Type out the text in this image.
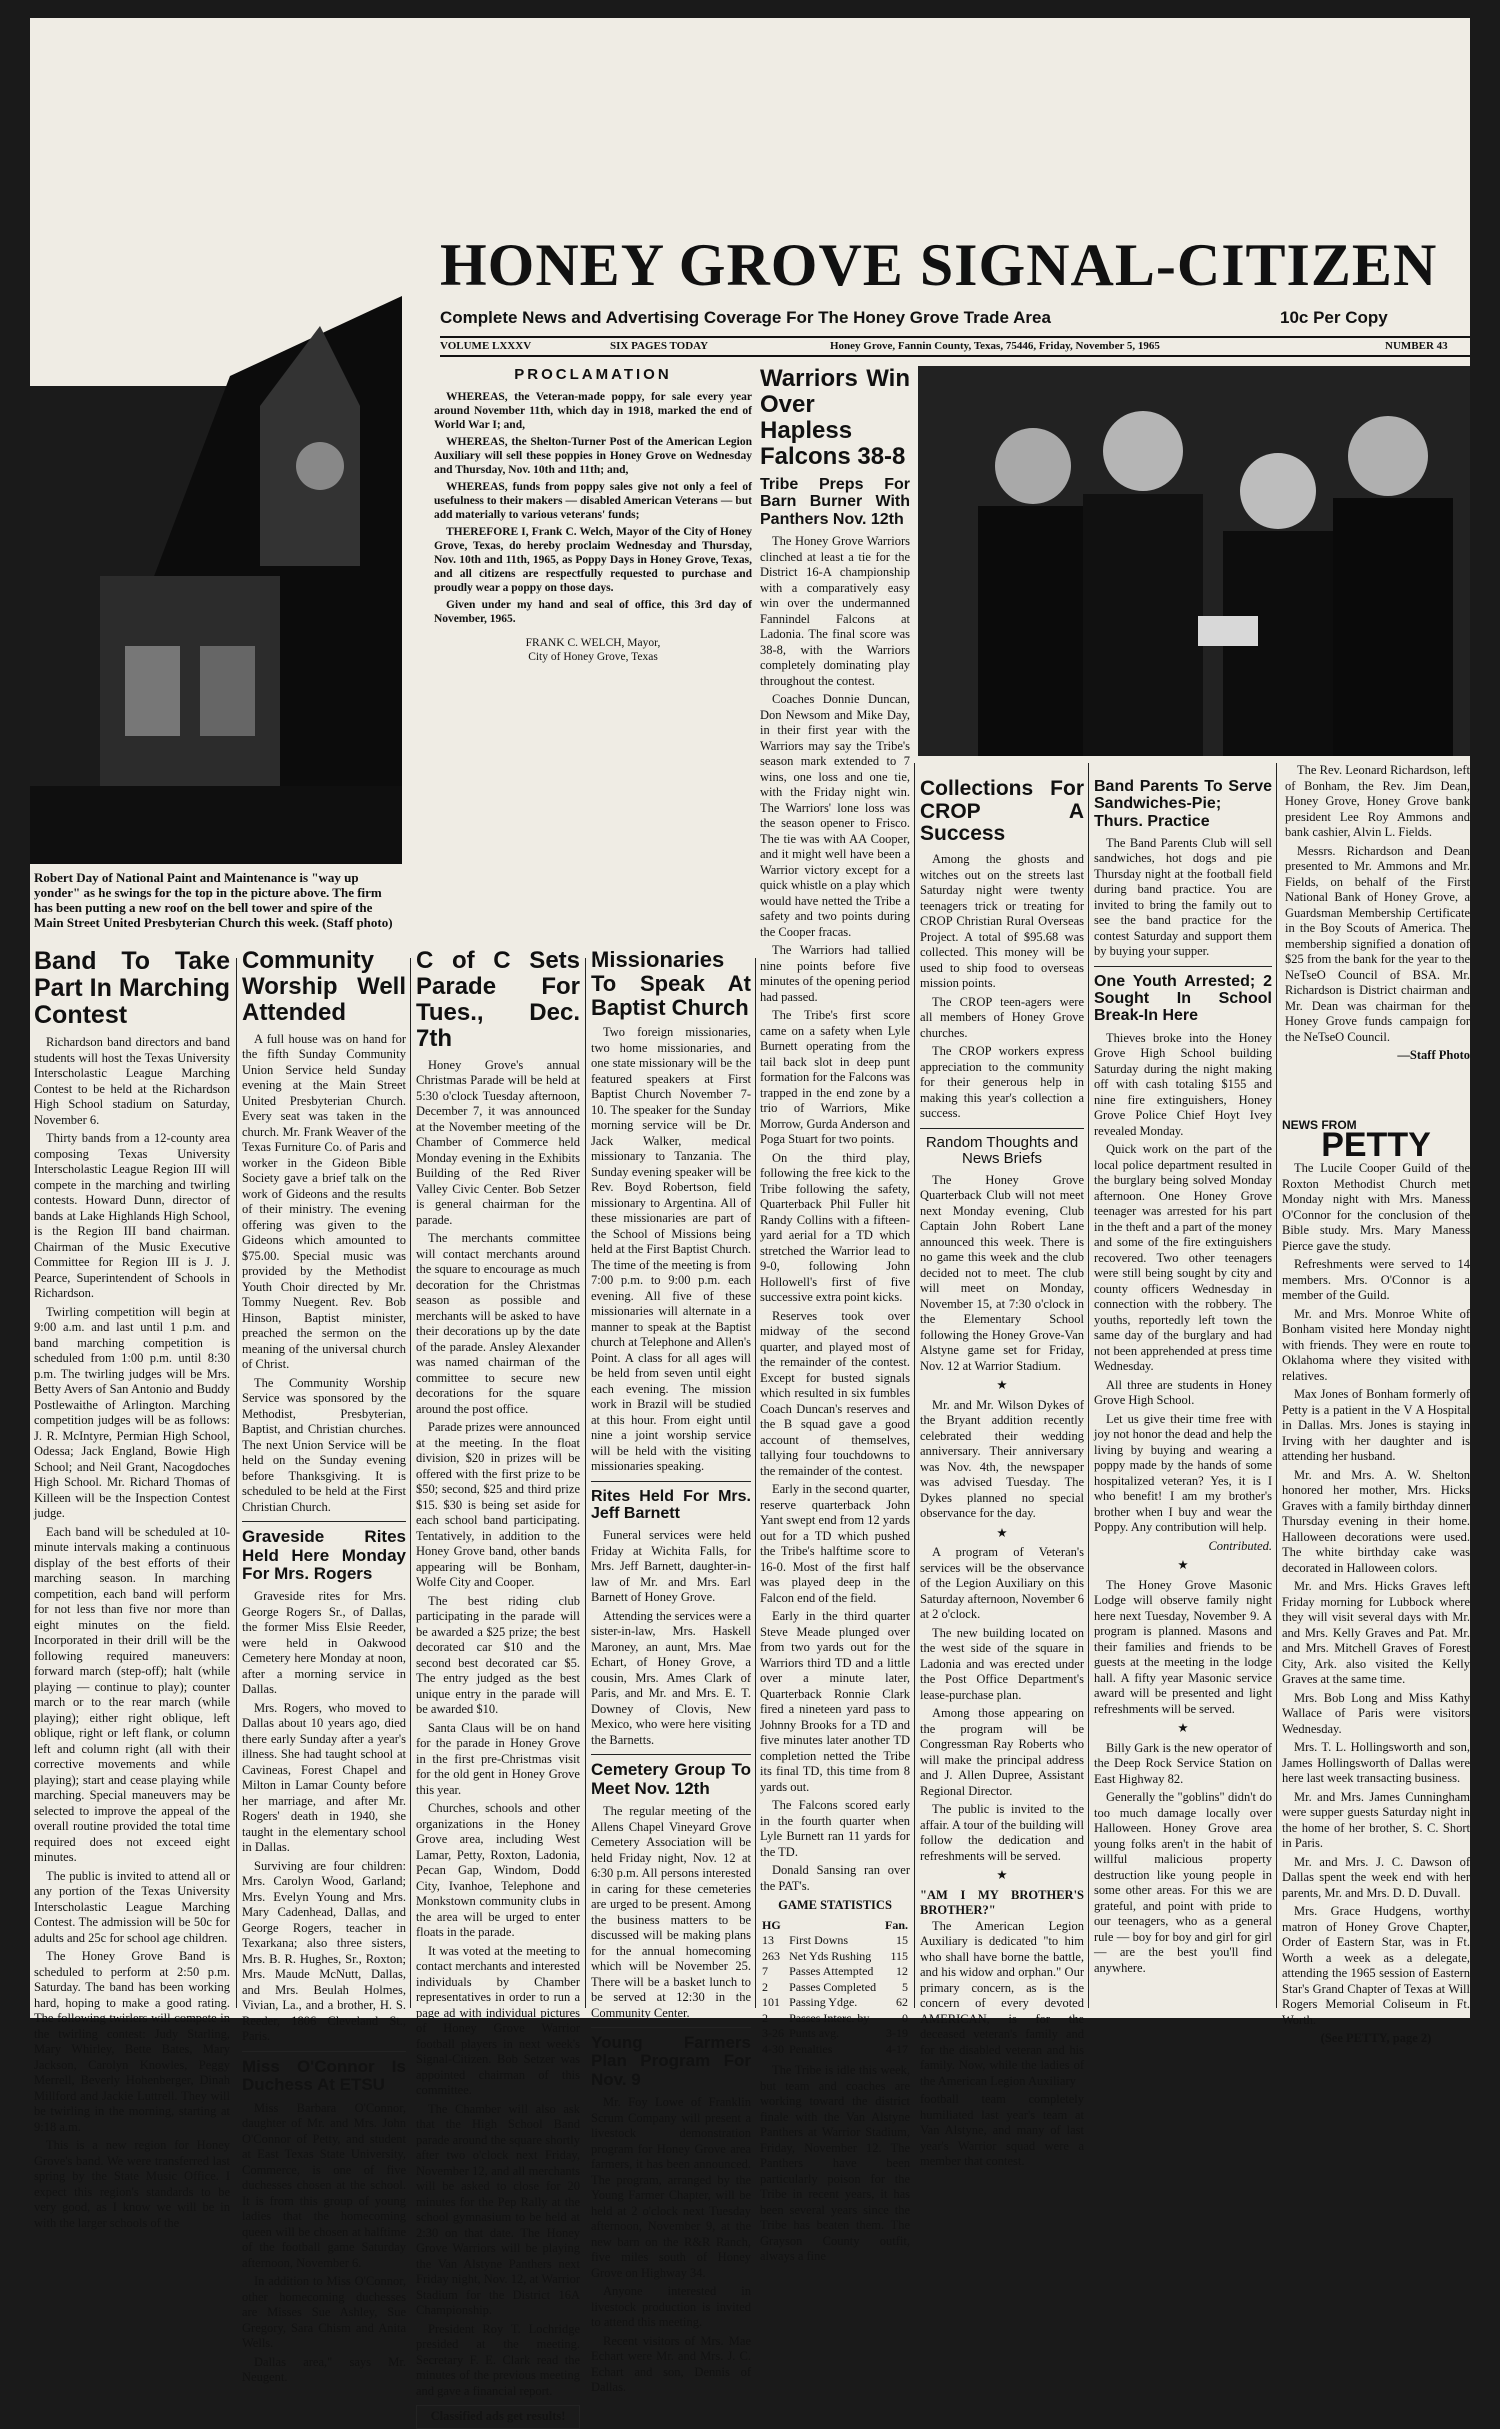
Robert Day of National Paint and Maintenance is "way up yonder" as he swings for the top in the picture above. The firm has been putting a new roof on the bell tower and spire of the Main Street United Presbyterian Church this week. (Staff photo)
HONEY GROVE SIGNAL-CITIZEN
Complete News and Advertising Coverage For The Honey Grove Trade Area	10c Per Copy
VOLUME LXXXV	SIX PAGES TODAY	Honey Grove, Fannin County, Texas, 75446, Friday, November 5, 1965	NUMBER 43
PROCLAMATION

WHEREAS, the Veteran-made poppy, for sale every year around November 11th, which day in 1918, marked the end of World War I; and,

WHEREAS, the Shelton-Turner Post of the American Legion Auxiliary will sell these poppies in Honey Grove on Wednesday and Thursday, Nov. 10th and 11th; and,

WHEREAS, funds from poppy sales give not only a feel of usefulness to their makers — disabled American Veterans — but add materially to various veterans' funds;

THEREFORE I, Frank C. Welch, Mayor of the City of Honey Grove, Texas, do hereby proclaim Wednesday and Thursday, Nov. 10th and 11th, 1965, as Poppy Days in Honey Grove, Texas, and all citizens are respectfully requested to purchase and proudly wear a poppy on those days.

Given under my hand and seal of office, this 3rd day of November, 1965.

FRANK C. WELCH, Mayor,
City of Honey Grove, Texas
Warriors Win Over Hapless Falcons 38-8
Tribe Preps For Barn Burner With Panthers Nov. 12th

The Honey Grove Warriors clinched at least a tie for the District 16-A championship with a comparatively easy win over the undermanned Fannindel Falcons at Ladonia. The final score was 38-8, with the Warriors completely dominating play throughout the contest.

Coaches Donnie Duncan, Don Newsom and Mike Day, in their first year with the Warriors may say the Tribe's season mark extended to 7 wins, one loss and one tie, with the Friday night win. The Warriors' lone loss was the season opener to Frisco. The tie was with AA Cooper, and it might well have been a Warrior victory except for a quick whistle on a play which would have netted the Tribe a safety and two points during the Cooper fracas.

The Warriors had tallied nine points before five minutes of the opening period had passed.

The Tribe's first score came on a safety when Lyle Burnett operating from the tail back slot in deep punt formation for the Falcons was trapped in the end zone by a trio of Warriors, Mike Morrow, Gurda Anderson and Poga Stuart for two points.

On the third play, following the free kick to the Tribe following the safety, Quarterback Phil Fuller hit Randy Collins with a fifteen-yard aerial for a TD which stretched the Warrior lead to 9-0, following John Hollowell's first of five successive extra point kicks.

Reserves took over midway of the second quarter, and played most of the remainder of the contest. Except for busted signals which resulted in six fumbles Coach Duncan's reserves and the B squad gave a good account of themselves, tallying four touchdowns to the remainder of the contest.

Early in the second quarter, reserve quarterback John Yant swept end from 12 yards out for a TD which pushed the Tribe's halftime score to 16-0. Most of the first half was played deep in the Falcon end of the field.

Early in the third quarter Steve Meade plunged over from two yards out for the Warriors third TD and a little over a minute later, Quarterback Ronnie Clark fired a nineteen yard pass to Johnny Brooks for a TD and five minutes later another TD completion netted the Tribe its final TD, this time from 8 yards out.

The Falcons scored early in the fourth quarter when Lyle Burnett ran 11 yards for the TD.

Donald Sansing ran over the PAT's.

GAME STATISTICS
HG		Fan.
13	First Downs	15
263	Net Yds Rushing	115
7	Passes Attempted	12
2	Passes Completed	5
101	Passing Ydge.	62
2	Passes Interc. by	0
3-26	Punts avg.	3-19
4-30	Penalties	4-17

The Tribe is idle this week, but team and coaches are working toward the district finale with the Van Alstyne Panthers at Warrior Stadium, Friday, November 12. The Panthers have been particularly poison for the Tribe in recent years, it has been several years since the Tribe has beaten them. The Grayson County outfit, always a fine

The Rev. Leonard Richardson, left of Bonham, the Rev. Jim Dean, Honey Grove, Honey Grove bank president Lee Roy Ammons and bank cashier, Alvin L. Fields.

Messrs. Richardson and Dean presented to Mr. Ammons and Mr. Fields, on behalf of the First National Bank of Honey Grove, a Guardsman Membership Certificate in the Boy Scouts of America. The membership signified a donation of $25 from the bank for the year to the NeTseO Council of BSA. Mr. Richardson is District chairman and Mr. Dean was chairman for the Honey Grove funds campaign for the NeTseO Council.

—Staff Photo
Band To Take Part In Marching Contest

Richardson band directors and band students will host the Texas University Interscholastic League Marching Contest to be held at the Richardson High School stadium on Saturday, November 6.

Thirty bands from a 12-county area composing Texas University Interscholastic League Region III will compete in the marching and twirling contests. Howard Dunn, director of bands at Lake Highlands High School, is the Region III band chairman. Chairman of the Music Executive Committee for Region III is J. J. Pearce, Superintendent of Schools in Richardson.

Twirling competition will begin at 9:00 a.m. and last until 1 p.m. and band marching competition is scheduled from 1:00 p.m. until 8:30 p.m. The twirling judges will be Mrs. Betty Avers of San Antonio and Buddy Postlewaithe of Arlington. Marching competition judges will be as follows: J. R. McIntyre, Permian High School, Odessa; Jack England, Bowie High School; and Neil Grant, Nacogdoches High School. Mr. Richard Thomas of Killeen will be the Inspection Contest judge.

Each band will be scheduled at 10-minute intervals making a continuous display of the best efforts of their marching season. In marching competition, each band will perform for not less than five nor more than eight minutes on the field. Incorporated in their drill will be the following required maneuvers: forward march (step-off); halt (while playing — continue to play); counter march or to the rear march (while playing); either right oblique, left oblique, right or left flank, or column left and column right (all with their corrective movements and while playing); start and cease playing while marching. Special maneuvers may be selected to improve the appeal of the overall routine provided the total time required does not exceed eight minutes.

The public is invited to attend all or any portion of the Texas University Interscholastic League Marching Contest. The admission will be 50c for adults and 25c for school age children.

The Honey Grove Band is scheduled to perform at 2:50 p.m. Saturday. The band has been working hard, hoping to make a good rating. The following twirlers will compete in the twirling contest: Judy Starling, Mary Whirley, Bette Bates, Mary Jackson, Carolyn Knowles, Peggy Merrell, Beverly Hohenberger, Dinah Millford and Jackie Luttrell. They will be twirling in the morning, starting at 9:18 a.m.

This is a new region for Honey Grove's band. We were transferred last spring by the State Music Office. I expect this region's standards to be very good, as I know we will be in with the larger schools of the

Community Worship Well Attended

A full house was on hand for the fifth Sunday Community Union Service held Sunday evening at the Main Street United Presbyterian Church. Every seat was taken in the church. Mr. Frank Weaver of the Texas Furniture Co. of Paris and worker in the Gideon Bible Society gave a brief talk on the work of Gideons and the results of their ministry. The evening offering was given to the Gideons which amounted to $75.00. Special music was provided by the Methodist Youth Choir directed by Mr. Tommy Nuegent. Rev. Bob Hinson, Baptist minister, preached the sermon on the meaning of the universal church of Christ.

The Community Worship Service was sponsored by the Methodist, Presbyterian, Baptist, and Christian churches. The next Union Service will be held on the Sunday evening before Thanksgiving. It is scheduled to be held at the First Christian Church.

Graveside Rites Held Here Monday For Mrs. Rogers

Graveside rites for Mrs. George Rogers Sr., of Dallas, the former Miss Elsie Reeder, were held in Oakwood Cemetery here Monday at noon, after a morning service in Dallas.

Mrs. Rogers, who moved to Dallas about 10 years ago, died there early Sunday after a year's illness. She had taught school at Cavineas, Forest Chapel and Milton in Lamar County before her marriage, and after Mr. Rogers' death in 1940, she taught in the elementary school in Dallas.

Surviving are four children: Mrs. Carolyn Wood, Garland; Mrs. Evelyn Young and Mrs. Mary Cadenhead, Dallas, and George Rogers, teacher in Texarkana; also three sisters, Mrs. B. R. Hughes, Sr., Roxton; Mrs. Maude McNutt, Dallas, and Mrs. Beulah Holmes, Vivian, La., and a brother, H. S. Reeder, 1806 Cleveland St., Paris.

Miss O'Connor Is Duchess At ETSU

Miss Barbara O'Connor, daughter of Mr. and Mrs. John O'Connor of Petty, and student at East Texas State University, Commerce, is one of five duchesses chosen at the school. It is from this group of young ladies that the homecoming queen will be chosen at halftime of the football game Saturday afternoon, November 6.

In addition to Miss O'Connor, other homecoming duchesses are Misses Sue Ashley, Sue Gregory, Sara Chism and Anita Wells.

Dallas area," says Mr. Neugent.

C of C Sets Parade For Tues., Dec. 7th

Honey Grove's annual Christmas Parade will be held at 5:30 o'clock Tuesday afternoon, December 7, it was announced at the November meeting of the Chamber of Commerce held Monday evening in the Exhibits Building of the Red River Valley Civic Center. Bob Setzer is general chairman for the parade.

The merchants committee will contact merchants around the square to encourage as much decoration for the Christmas season as possible and merchants will be asked to have their decorations up by the date of the parade. Ansley Alexander was named chairman of the committee to secure new decorations for the square around the post office.

Parade prizes were announced at the meeting. In the float division, $20 in prizes will be offered with the first prize to be $50; second, $25 and third prize $15. $30 is being set aside for each school band participating. Tentatively, in addition to the Honey Grove band, other bands appearing will be Bonham, Wolfe City and Cooper.

The best riding club participating in the parade will be awarded a $25 prize; the best decorated car $10 and the second best decorated car $5. The entry judged as the best unique entry in the parade will be awarded $10.

Santa Claus will be on hand for the parade in Honey Grove in the first pre-Christmas visit for the old gent in Honey Grove this year.

Churches, schools and other organizations in the Honey Grove area, including West Lamar, Petty, Roxton, Ladonia, Pecan Gap, Windom, Dodd City, Ivanhoe, Telephone and Monkstown community clubs in the area will be urged to enter floats in the parade.

It was voted at the meeting to contact merchants and interested individuals by Chamber representatives in order to run a page ad with individual pictures of Honey Grove Warrior football players in next week's Signal-Citizen. Bob Setzer was appointed chairman of this committee.

The Chamber will also ask that the High School Band parade around the square shortly after two o'clock next Friday, November 12, and all merchants will be asked to close for 20 minutes for the Pep Rally at the school gymnasium to be held at 2:30 on that date. The Honey Grove Warriors will be playing the Van Alstyne Panthers next Friday night, Nov. 12, at Warrior Stadium for the District 16A Championship.

President Roy T. Lochridge presided at the meeting. Secretary F. E. Clark read the minutes of the previous meeting and gave a financial report.

Classified ads get results!
Missionaries To Speak At Baptist Church

Two foreign missionaries, two home missionaries, and one state missionary will be the featured speakers at First Baptist Church November 7-10. The speaker for the Sunday morning service will be Dr. Jack Walker, medical missionary to Tanzania. The Sunday evening speaker will be Rev. Boyd Robertson, field missionary to Argentina. All of these missionaries are part of the School of Missions being held at the First Baptist Church. The time of the meeting is from 7:00 p.m. to 9:00 p.m. each evening. All five of these missionaries will alternate in a manner to speak at the Baptist church at Telephone and Allen's Point. A class for all ages will be held from seven until eight each evening. The mission work in Brazil will be studied at this hour. From eight until nine a joint worship service will be held with the visiting missionaries speaking.

Rites Held For Mrs. Jeff Barnett

Funeral services were held Friday at Wichita Falls, for Mrs. Jeff Barnett, daughter-in-law of Mr. and Mrs. Earl Barnett of Honey Grove.

Attending the services were a sister-in-law, Mrs. Haskell Maroney, an aunt, Mrs. Mae Echart, of Honey Grove, a cousin, Mrs. Ames Clark of Paris, and Mr. and Mrs. E. T. Downey of Clovis, New Mexico, who were here visiting the Barnetts.

Cemetery Group To Meet Nov. 12th

The regular meeting of the Allens Chapel Vineyard Grove Cemetery Association will be held Friday night, Nov. 12 at 6:30 p.m. All persons interested in caring for these cemeteries are urged to be present. Among the business matters to be discussed will be making plans for the annual homecoming which will be November 25. There will be a basket lunch to be served at 12:30 in the Community Center.

Young Farmers Plan Program For Nov. 9

Mr. Foy Lowe of Franklin Scrum Company will present a livestock demonstration program for Honey Grove area farmers, it has been announced. The program, arranged by the Young Farmer Chapter, will be held at 2 o'clock next Tuesday afternoon, November 9, at the new barn on the R&R Ranch, five miles south of Honey Grove on Highway 34.

Anyone interested in livestock production is invited to attend this meeting.

Recent visitors of Mrs. Mae Echart were Mr. and Mrs. J. C. Echart and son, Dennis of Dallas.

Collections For CROP A Success

Among the ghosts and witches out on the streets last Saturday night were twenty teenagers trick or treating for CROP Christian Rural Overseas Project. A total of $95.68 was collected. This money will be used to ship food to overseas mission points.

The CROP teen-agers were all members of Honey Grove churches.

The CROP workers express appreciation to the community for their generous help in making this year's collection a success.

Random Thoughts and News Briefs

The Honey Grove Quarterback Club will not meet next Monday evening, Club Captain John Robert Lane announced this week. There is no game this week and the club decided not to meet. The club will meet on Monday, November 15, at 7:30 o'clock in the Elementary School following the Honey Grove-Van Alstyne game set for Friday, Nov. 12 at Warrior Stadium.

★

Mr. and Mr. Wilson Dykes of the Bryant addition recently celebrated their wedding anniversary. Their anniversary was Nov. 4th, the newspaper was advised Tuesday. The Dykes planned no special observance for the day.

★

A program of Veteran's services will be the observance of the Legion Auxiliary on this Saturday afternoon, November 6 at 2 o'clock.

The new building located on the west side of the square in Ladonia and was erected under the Post Office Department's lease-purchase plan.

Among those appearing on the program will be Congressman Ray Roberts who will make the principal address and J. Allen Dupree, Assistant Regional Director.

The public is invited to the affair. A tour of the building will follow the dedication and refreshments will be served.

★
"AM I MY BROTHER'S BROTHER?"

The American Legion Auxiliary is dedicated "to him who shall have borne the battle, and his widow and orphan." Our primary concern, as is the concern of every devoted AMERICAN, is for the deceased veteran's family and for the disabled veteran and his family. Now, while the ladies of the American Legion Auxiliary

football team completely humiliated last year's team at Van Alstyne, and many of last year's Warrior squad were a member that contest.
Band Parents To Serve Sandwiches-Pie; Thurs. Practice

The Band Parents Club will sell sandwiches, hot dogs and pie Thursday night at the football field during band practice. You are invited to bring the family out to see the band practice for the contest Saturday and support them by buying your supper.

One Youth Arrested; 2 Sought In School Break-In Here

Thieves broke into the Honey Grove High School building Saturday during the night making off with cash totaling $155 and nine fire extinguishers, Honey Grove Police Chief Hoyt Ivey revealed Monday.

Quick work on the part of the local police department resulted in the burglary being solved Monday afternoon. One Honey Grove teenager was arrested for his part in the theft and a part of the money and some of the fire extinguishers recovered. Two other teenagers were still being sought by city and county officers Wednesday in connection with the robbery. The youths, reportedly left town the same day of the burglary and had not been apprehended at press time Wednesday.

All three are students in Honey Grove High School.

Let us give their time free with joy not honor the dead and help the living by buying and wearing a poppy made by the hands of some hospitalized veteran? Yes, it is I who benefit! I am my brother's brother when I buy and wear the Poppy. Any contribution will help.

Contributed.
★

The Honey Grove Masonic Lodge will observe family night here next Tuesday, November 9. A program is planned. Masons and their families and friends to be guests at the meeting in the lodge hall. A fifty year Masonic service award will be presented and light refreshments will be served.

★

Billy Gark is the new operator of the Deep Rock Service Station on East Highway 82.

Generally the "goblins" didn't do too much damage locally over Halloween. Honey Grove area young folks aren't in the habit of willful malicious property destruction like young people in some other areas. For this we are grateful, and point with pride to our teenagers, who as a general rule — boy for boy and girl for girl — are the best you'll find anywhere.

NEWS FROM
PETTY

The Lucile Cooper Guild of the Roxton Methodist Church met Monday night with Mrs. Maness O'Connor for the conclusion of the Bible study. Mrs. Mary Maness Pierce gave the study.

Refreshments were served to 14 members. Mrs. O'Connor is a member of the Guild.

Mr. and Mrs. Monroe White of Bonham visited here Monday night with friends. They were en route to Oklahoma where they visited with relatives.

Max Jones of Bonham formerly of Petty is a patient in the V A Hospital in Dallas. Mrs. Jones is staying in Irving with her daughter and is attending her husband.

Mr. and Mrs. A. W. Shelton honored her mother, Mrs. Hicks Graves with a family birthday dinner Thursday evening in their home. Halloween decorations were used. The white birthday cake was decorated in Halloween colors.

Mr. and Mrs. Hicks Graves left Friday morning for Lubbock where they will visit several days with Mr. and Mrs. Kelly Graves and Pat. Mr. and Mrs. Mitchell Graves of Forest City, Ark. also visited the Kelly Graves at the same time.

Mrs. Bob Long and Miss Kathy Wallace of Paris were visitors Wednesday.

Mrs. T. L. Hollingsworth and son, James Hollingsworth of Dallas were here last week transacting business.

Mr. and Mrs. James Cunningham were supper guests Saturday night in the home of her brother, S. C. Short in Paris.

Mr. and Mrs. J. C. Dawson of Dallas spent the week end with her parents, Mr. and Mrs. D. D. Duvall.

Mrs. Grace Hudgens, worthy matron of Honey Grove Chapter, Order of Eastern Star, was in Ft. Worth a week as a delegate, attending the 1965 session of Eastern Star's Grand Chapter of Texas at Will Rogers Memorial Coliseum in Ft. Worth.

(See PETTY, page 2)
